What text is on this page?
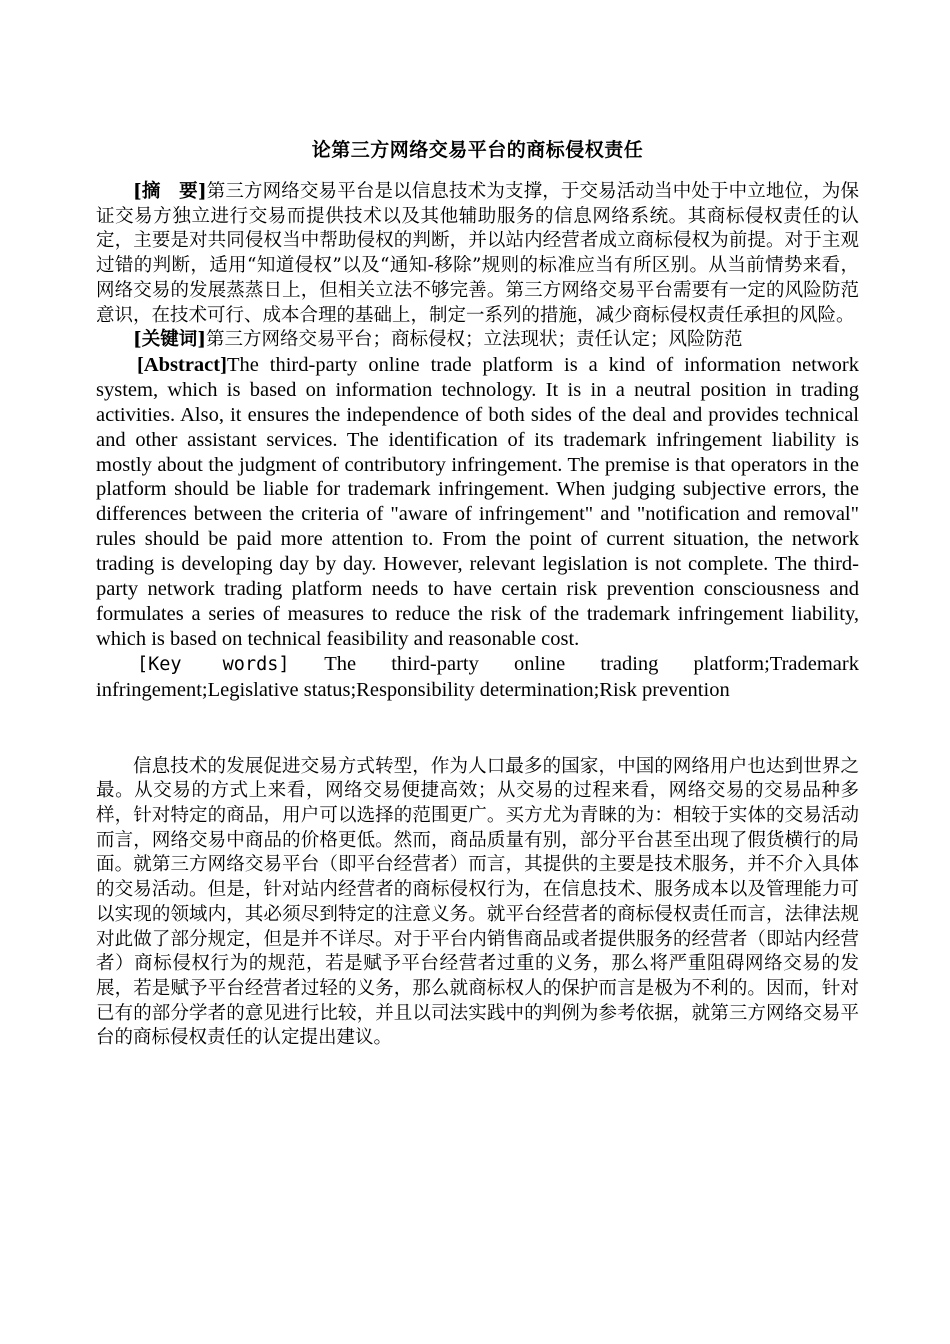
论第三方网络交易平台的商标侵权责任

[摘　要]第三方网络交易平台是以信息技术为支撑，于交易活动当中处于中立地位，为保证交易方独立进行交易而提供技术以及其他辅助服务的信息网络系统。其商标侵权责任的认定，主要是对共同侵权当中帮助侵权的判断，并以站内经营者成立商标侵权为前提。对于主观过错的判断，适用“知道侵权”以及“通知-移除”规则的标准应当有所区别。从当前情势来看，网络交易的发展蒸蒸日上，但相关立法不够完善。第三方网络交易平台需要有一定的风险防范意识，在技术可行、成本合理的基础上，制定一系列的措施，减少商标侵权责任承担的风险。

[关键词]第三方网络交易平台；商标侵权；立法现状；责任认定；风险防范

[Abstract]The third-party online trade platform is a kind of information network system, which is based on information technology. It is in a neutral position in trading activities. Also, it ensures the independence of both sides of the deal and provides technical and other assistant services. The identification of its trademark infringement liability is mostly about the judgment of contributory infringement. The premise is that operators in the platform should be liable for trademark infringement. When judging subjective errors, the differences between the criteria of "aware of infringement" and "notification and removal" rules should be paid more attention to. From the point of current situation, the network trading is developing day by day. However, relevant legislation is not complete. The third-party network trading platform needs to have certain risk prevention consciousness and formulates a series of measures to reduce the risk of the trademark infringement liability, which is based on technical feasibility and reasonable cost.

[Key words] The third-party online trading platform;Trademark infringement;Legislative status;Responsibility determination;Risk prevention

信息技术的发展促进交易方式转型，作为人口最多的国家，中国的网络用户也达到世界之最。从交易的方式上来看，网络交易便捷高效；从交易的过程来看，网络交易的交易品种多样，针对特定的商品，用户可以选择的范围更广。买方尤为青睐的为：相较于实体的交易活动而言，网络交易中商品的价格更低。然而，商品质量有别，部分平台甚至出现了假货横行的局面。就第三方网络交易平台（即平台经营者）而言，其提供的主要是技术服务，并不介入具体的交易活动。但是，针对站内经营者的商标侵权行为，在信息技术、服务成本以及管理能力可以实现的领域内，其必须尽到特定的注意义务。就平台经营者的商标侵权责任而言，法律法规对此做了部分规定，但是并不详尽。对于平台内销售商品或者提供服务的经营者（即站内经营者）商标侵权行为的规范，若是赋予平台经营者过重的义务，那么将严重阻碍网络交易的发展，若是赋予平台经营者过轻的义务，那么就商标权人的保护而言是极为不利的。因而，针对已有的部分学者的意见进行比较，并且以司法实践中的判例为参考依据，就第三方网络交易平台的商标侵权责任的认定提出建议。
